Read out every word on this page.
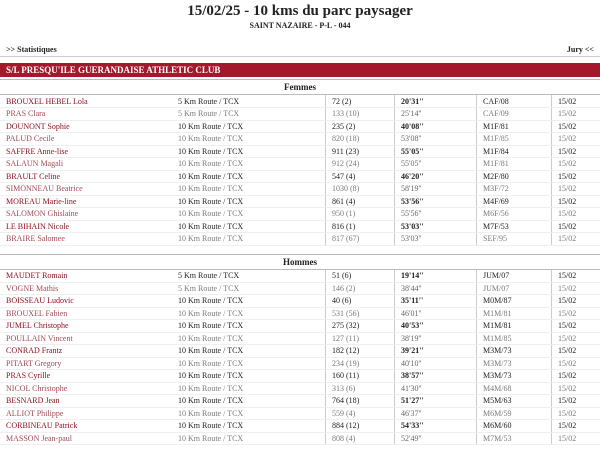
15/02/25 - 10 kms du parc paysager
SAINT NAZAIRE - P-L - 044
>> Statistiques	Jury <<
S/L PRESQU'ILE GUERANDAISE ATHLETIC CLUB
Femmes
BROUXEL HEBEL Lola	5 Km Route / TCX	72 (2)	20'31''	CAF/08	15/02
PRAS Clara	5 Km Route / TCX	133 (10)	25'14''	CAF/09	15/02
DOUNONT Sophie	10 Km Route / TCX	235 (2)	40'08''	M1F/81	15/02
PALUD Cecile	10 Km Route / TCX	820 (18)	53'08''	M1F/85	15/02
SAFFRE Anne-lise	10 Km Route / TCX	911 (23)	55'05''	M1F/84	15/02
SALAUN Magali	10 Km Route / TCX	912 (24)	55'05''	M1F/81	15/02
BRAULT Celine	10 Km Route / TCX	547 (4)	46'20''	M2F/80	15/02
SIMONNEAU Beatrice	10 Km Route / TCX	1030 (8)	58'19''	M3F/72	15/02
MOREAU Marie-line	10 Km Route / TCX	861 (4)	53'56''	M4F/69	15/02
SALOMON Ghislaine	10 Km Route / TCX	950 (1)	55'56''	M6F/56	15/02
LE BIHAIN Nicole	10 Km Route / TCX	816 (1)	53'03''	M7F/53	15/02
BRAIRE Salomee	10 Km Route / TCX	817 (67)	53'03''	SEF/95	15/02
Hommes
MAUDET Romain	5 Km Route / TCX	51 (6)	19'14''	JUM/07	15/02
VOGNE Mathis	5 Km Route / TCX	146 (2)	38'44''	JUM/07	15/02
BOISSEAU Ludovic	10 Km Route / TCX	40 (6)	35'11''	M0M/87	15/02
BROUXEL Fabien	10 Km Route / TCX	531 (56)	46'01''	M1M/81	15/02
JUMEL Christophe	10 Km Route / TCX	275 (32)	40'53''	M1M/81	15/02
POULLAIN Vincent	10 Km Route / TCX	127 (11)	38'19''	M1M/85	15/02
CONRAD Frantz	10 Km Route / TCX	182 (12)	39'21''	M3M/73	15/02
PITART Gregory	10 Km Route / TCX	234 (19)	40'10''	M3M/73	15/02
PRAS Cyrille	10 Km Route / TCX	160 (11)	38'57''	M3M/73	15/02
NICOL Christophe	10 Km Route / TCX	313 (6)	41'30''	M4M/68	15/02
BESNARD Jean	10 Km Route / TCX	764 (18)	51'27''	M5M/63	15/02
ALLIOT Philippe	10 Km Route / TCX	559 (4)	46'37''	M6M/59	15/02
CORBINEAU Patrick	10 Km Route / TCX	884 (12)	54'33''	M6M/60	15/02
MASSON Jean-paul	10 Km Route / TCX	808 (4)	52'49''	M7M/53	15/02
